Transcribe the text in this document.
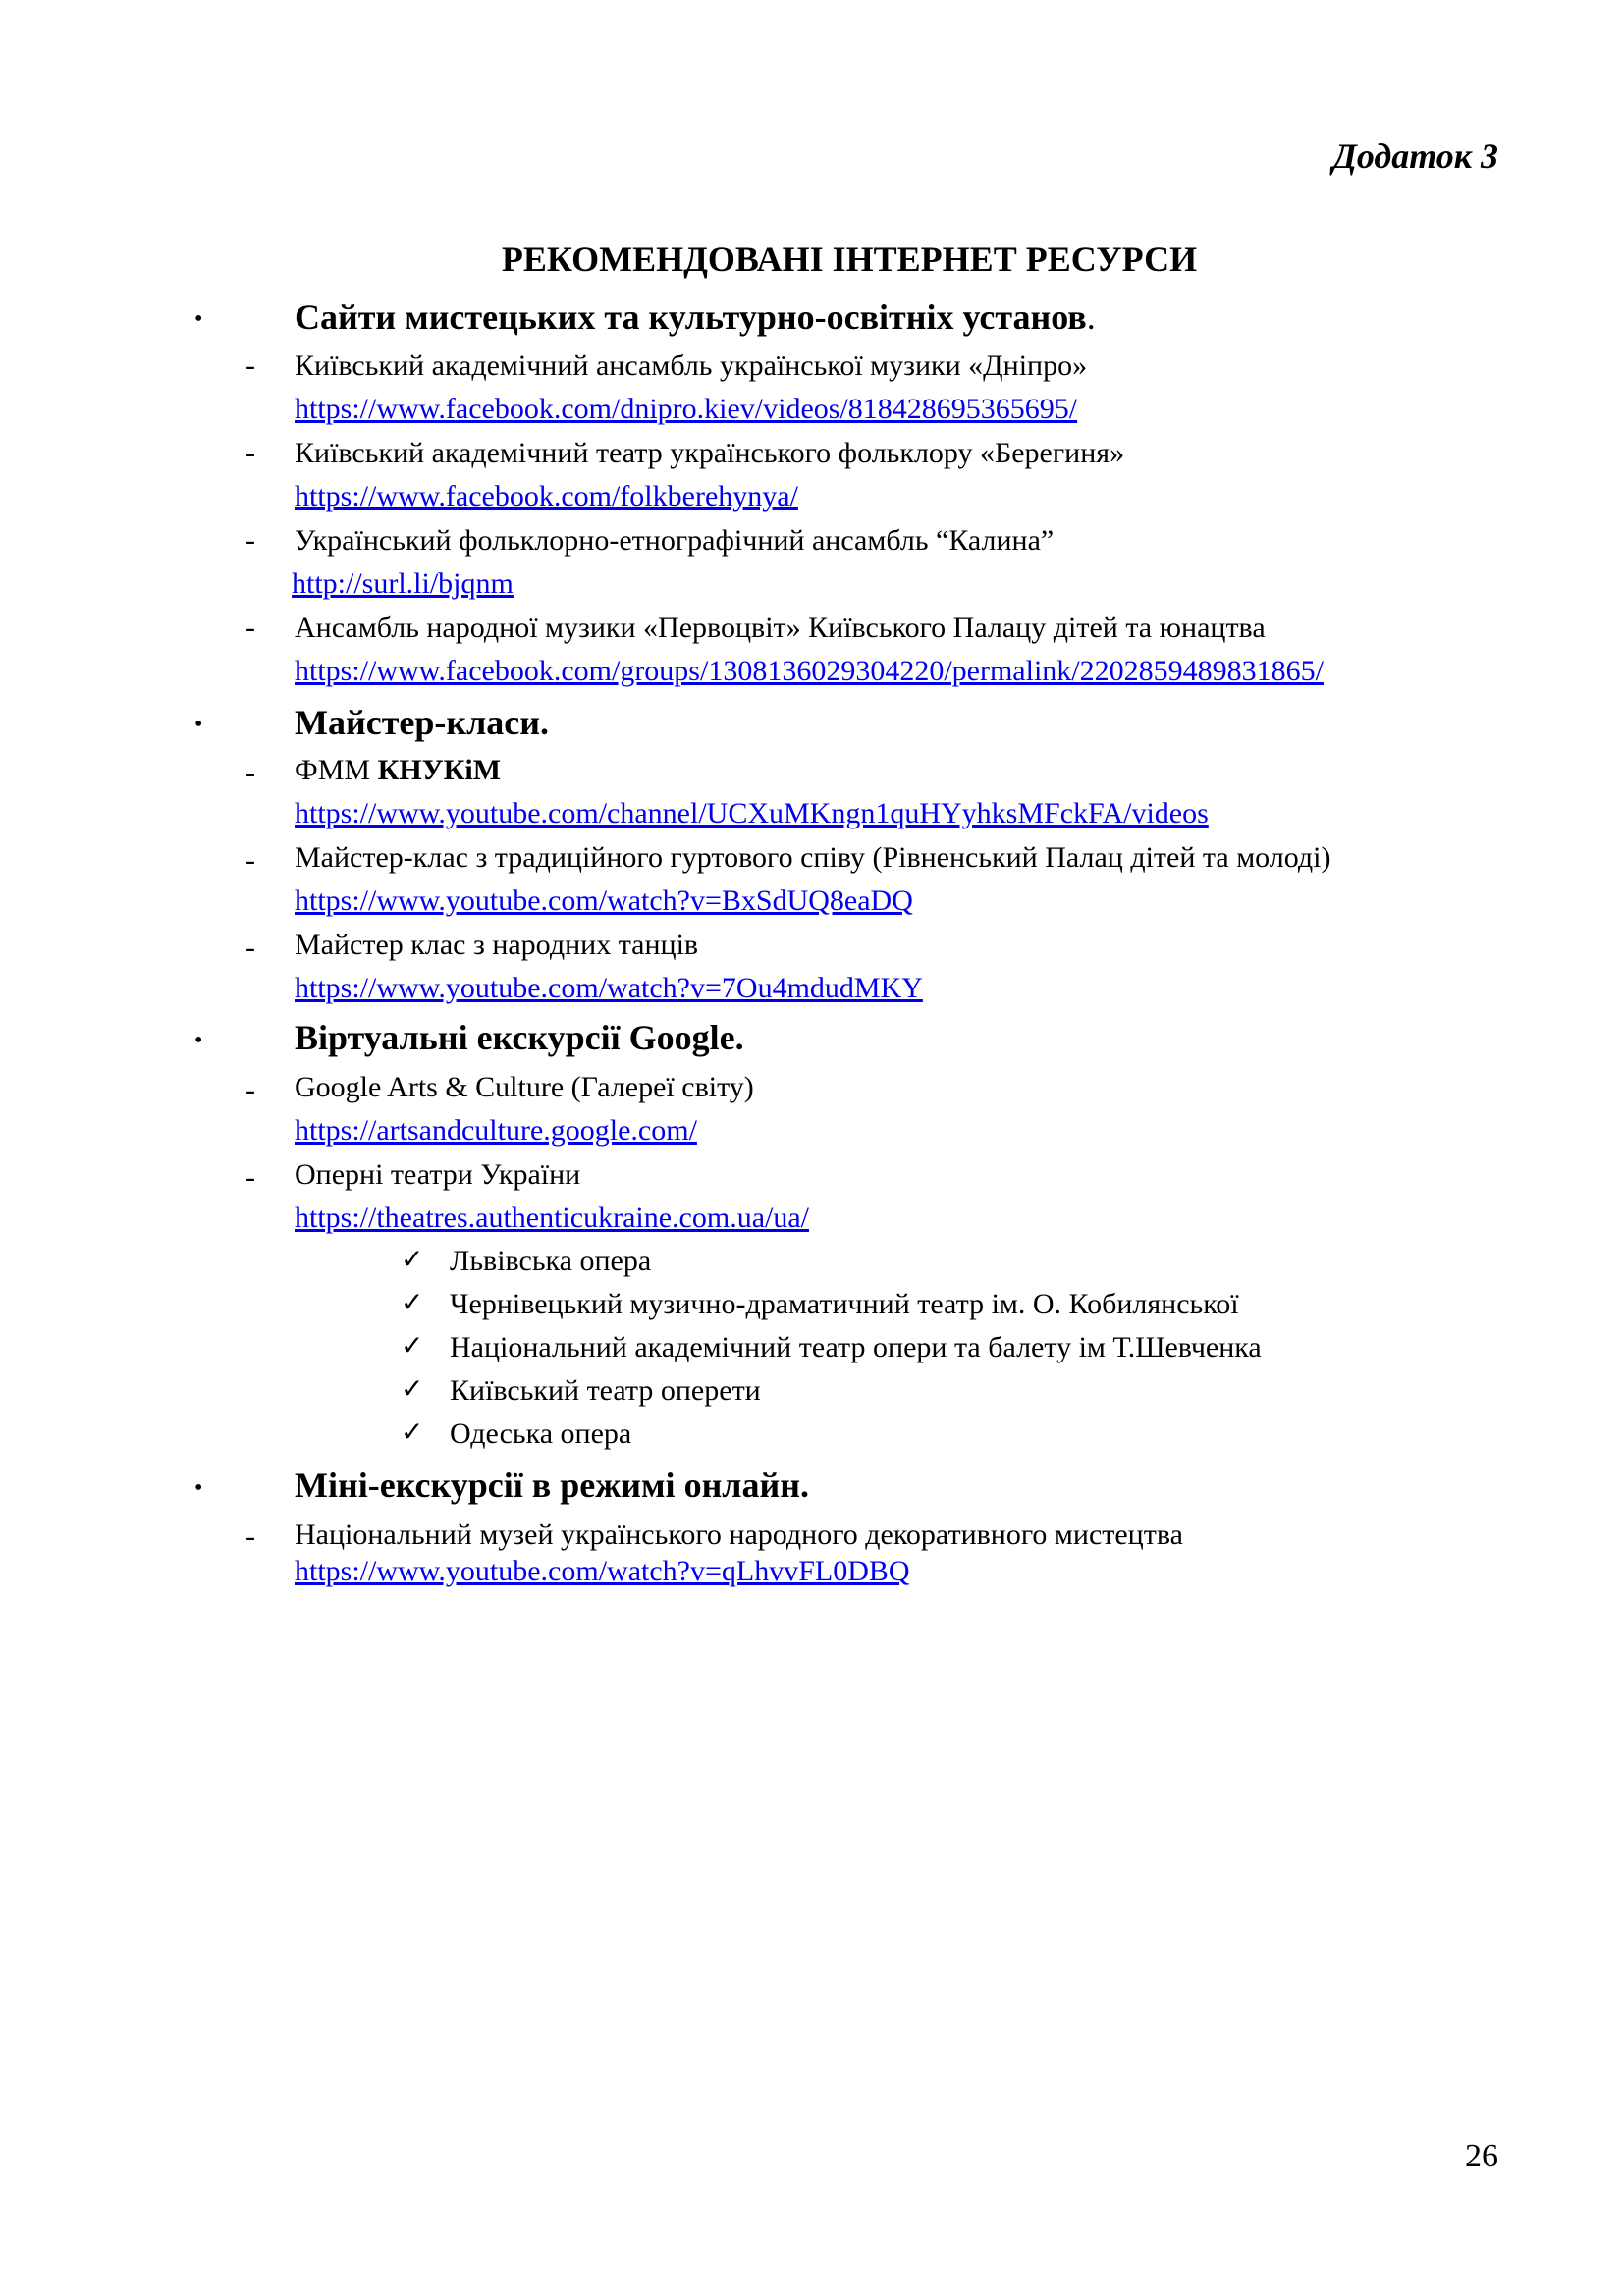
Додаток 3

РЕКОМЕНДОВАНІ ІНТЕРНЕТ РЕСУРСИ
•	Сайти мистецьких та культурно-освітніх установ.

- Київський академічний ансамбль української музики «Дніпро»

https://www.facebook.com/dnipro.kiev/videos/818428695365695/
- Київський академічний театр українського фольклору «Берегиня»

https://www.facebook.com/folkberehynya/
- Український фольклорно-етнографічний ансамбль “Калина”

http://surl.li/bjqnm
- Ансамбль народної музики «Первоцвіт» Київського Палацу дітей та юнацтва

https://www.facebook.com/groups/1308136029304220/permalink/2202859489831865/
•	Майстер-класи.

- ФММ КНУКіМ

https://www.youtube.com/channel/UCXuMKngn1quHYyhksMFckFA/videos
- Майстер-клас з традиційного гуртового співу (Рівненський Палац дітей та молоді)

https://www.youtube.com/watch?v=BxSdUQ8eaDQ
- Майстер клас з народних танців

https://www.youtube.com/watch?v=7Ou4mdudMKY
•	Віртуальні екскурсії Google.

- Google Arts & Culture (Галереї світу)

https://artsandculture.google.com/
- Оперні театри України

https://theatres.authenticukraine.com.ua/ua/
✓ Львівська опера

✓ Чернівецький музично-драматичний театр ім. О. Кобилянської

✓ Національний академічний театр опери та балету ім Т.Шевченка

✓ Київський театр оперети

✓ Одеська опера

•	Міні-екскурсії в режимі онлайн.

- Національний музей українського народного декоративного мистецтва

https://www.youtube.com/watch?v=qLhvvFL0DBQ

26
